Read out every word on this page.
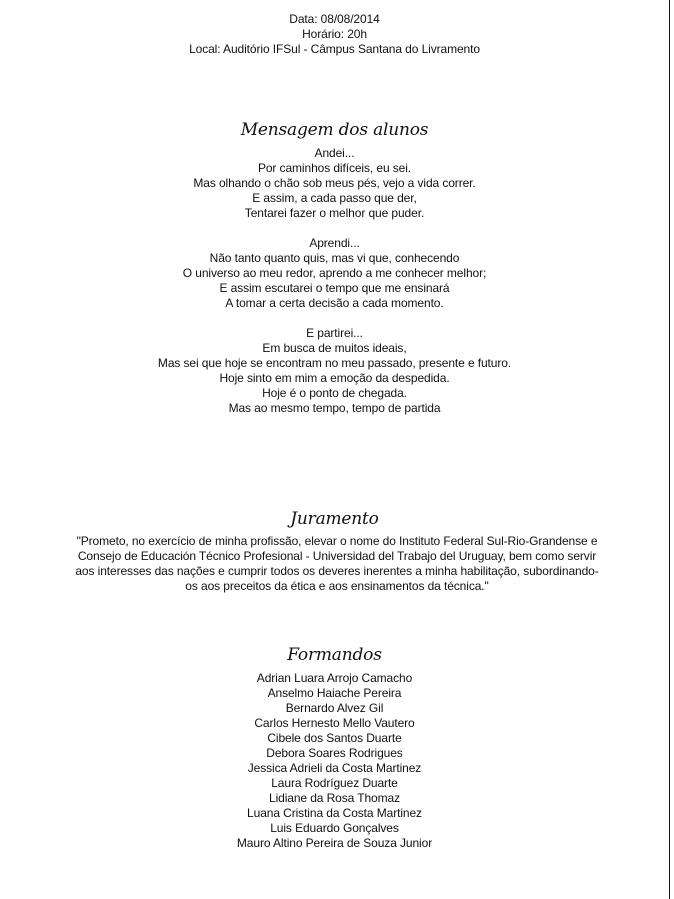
Data: 08/08/2014
Horário: 20h
Local: Auditório IFSul - Câmpus Santana do Livramento
Mensagem dos alunos
Andei...
Por caminhos difíceis, eu sei.
Mas olhando o chão sob meus pés, vejo a vida correr.
E assim, a cada passo que der,
Tentarei fazer o melhor que puder.
Aprendi...
Não tanto quanto quis, mas vi que, conhecendo
O universo ao meu redor, aprendo a me conhecer melhor;
E assim escutarei o tempo que me ensinará
A tomar a certa decisão a cada momento.
E partirei...
Em busca de muitos ideais,
Mas sei que hoje se encontram no meu passado, presente e futuro.
Hoje sinto em mim a emoção da despedida.
Hoje é o ponto de chegada.
Mas ao mesmo tempo, tempo de partida
Juramento
"Prometo, no exercício de minha profissão, elevar o nome do Instituto Federal Sul-Rio-Grandense e
Consejo de Educación Técnico Profesional - Universidad del Trabajo del Uruguay, bem como servir
aos interesses das nações e cumprir todos os deveres inerentes a minha habilitação, subordinando-
os aos preceitos da ética e aos ensinamentos da técnica."
Formandos
Adrian Luara Arrojo Camacho
Anselmo Haiache Pereira
Bernardo Alvez Gil
Carlos Hernesto Mello Vautero
Cibele dos Santos Duarte
Debora Soares Rodrigues
Jessica Adrieli da Costa Martinez
Laura Rodríguez Duarte
Lidiane da Rosa Thomaz
Luana Cristina da Costa Martinez
Luis Eduardo Gonçalves
Mauro Altino Pereira de Souza Junior
